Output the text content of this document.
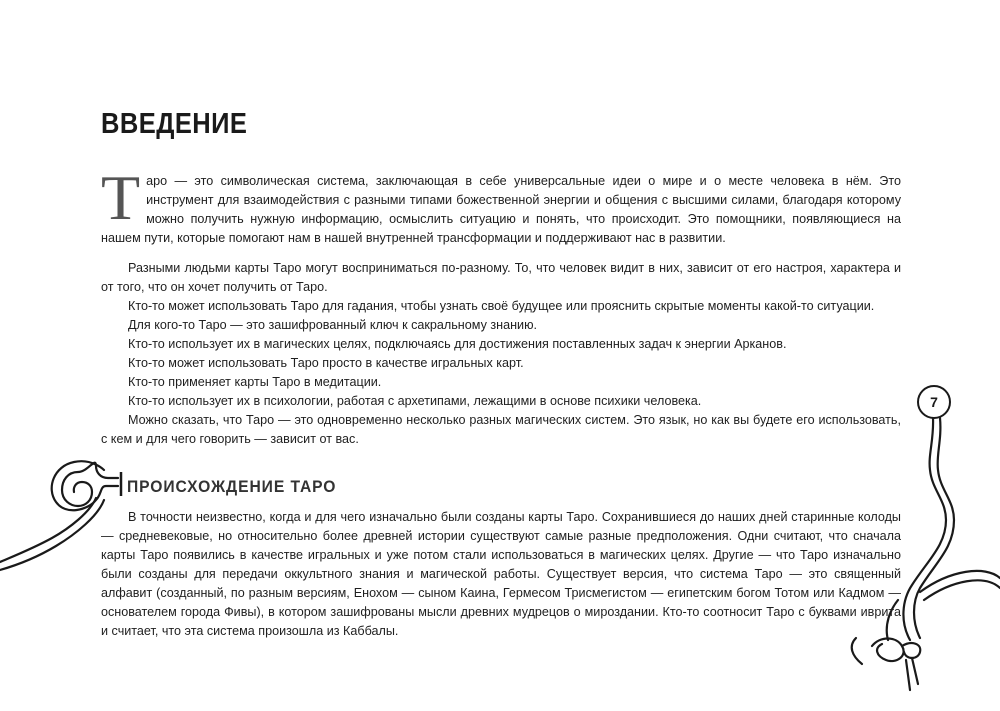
ВВЕДЕНИЕ
Т аро — это символическая система, заключающая в себе универсальные идеи о мире и о месте человека в нём. Это инструмент для взаимодействия с разными типами божественной энергии и общения с высшими силами, благодаря которому можно получить нужную информацию, осмыслить ситуацию и понять, что происходит. Это помощники, появляющиеся на нашем пути, которые помогают нам в нашей внутренней трансформации и поддерживают нас в развитии.

Разными людьми карты Таро могут восприниматься по-разному. То, что человек видит в них, зависит от его настроя, характера и от того, что он хочет получить от Таро.

Кто-то может использовать Таро для гадания, чтобы узнать своё будущее или прояснить скрытые моменты какой-то ситуации.

Для кого-то Таро — это зашифрованный ключ к сакральному знанию.

Кто-то использует их в магических целях, подключаясь для достижения поставленных задач к энергии Арканов.

Кто-то может использовать Таро просто в качестве игральных карт.

Кто-то применяет карты Таро в медитации.

Кто-то использует их в психологии, работая с архетипами, лежащими в основе психики человека.

Можно сказать, что Таро — это одновременно несколько разных магических систем. Это язык, но как вы будете его использовать, с кем и для чего говорить — зависит от вас.

7
ПРОИСХОЖДЕНИЕ ТАРО

В точности неизвестно, когда и для чего изначально были созданы карты Таро. Сохранившиеся до наших дней старинные колоды — средневековые, но относительно более древней истории существуют самые разные предположения. Одни считают, что сначала карты Таро появились в качестве игральных и уже потом стали использоваться в магических целях. Другие — что Таро изначально были созданы для передачи оккультного знания и магической работы. Существует версия, что система Таро — это священный алфавит (созданный, по разным версиям, Енохом — сыном Каина, Гермесом Трисмегистом — египетским богом Тотом или Кадмом — основателем города Фивы), в котором зашифрованы мысли древних мудрецов о мироздании. Кто-то соотносит Таро с буквами иврита и считает, что эта система произошла из Каббалы.
